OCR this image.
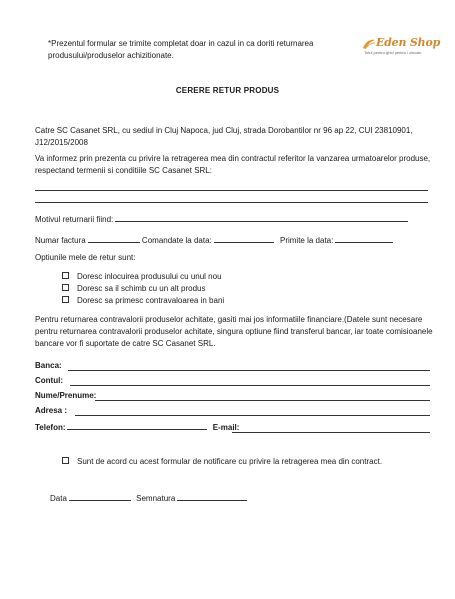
*Prezentul formular se trimite completat doar in cazul in ca doriti returnarea produsului/produselor achizitionate.
Eden Shop
Totul pentru ghid pentru i cincalc
CERERE RETUR PRODUS
Catre SC Casanet SRL, cu sediul in Cluj Napoca, jud Cluj, strada Dorobantilor nr 96 ap 22, CUI 23810901, J12/2015/2008
Va informez prin prezenta cu privire la retragerea mea din contractul referitor la vanzarea urmatoarelor produse, respectand termenii si conditiile SC Casanet SRL:
Motivul returnarii fiind:
Numar factura	Comandate la data:	Primite la data:
Optiunile mele de retur sunt:
Doresc inlocuirea produsului cu unul nou
Doresc sa il schimb cu un alt produs
Doresc sa primesc contravaloarea in bani
Pentru returnarea contravalorii produselor achitate, gasiti mai jos informatiile financiare.(Datele sunt necesare pentru returnarea contravalorii produselor achitate, singura optiune fiind transferul bancar, iar toate comisioanele bancare vor fi suportate de catre SC Casanet SRL.
Banca:
Contul:
Nume/Prenume:
Adresa :
Telefon:	E-mail:
Sunt de acord cu acest formular de notificare cu privire la retragerea mea din contract.
Data	Semnatura
